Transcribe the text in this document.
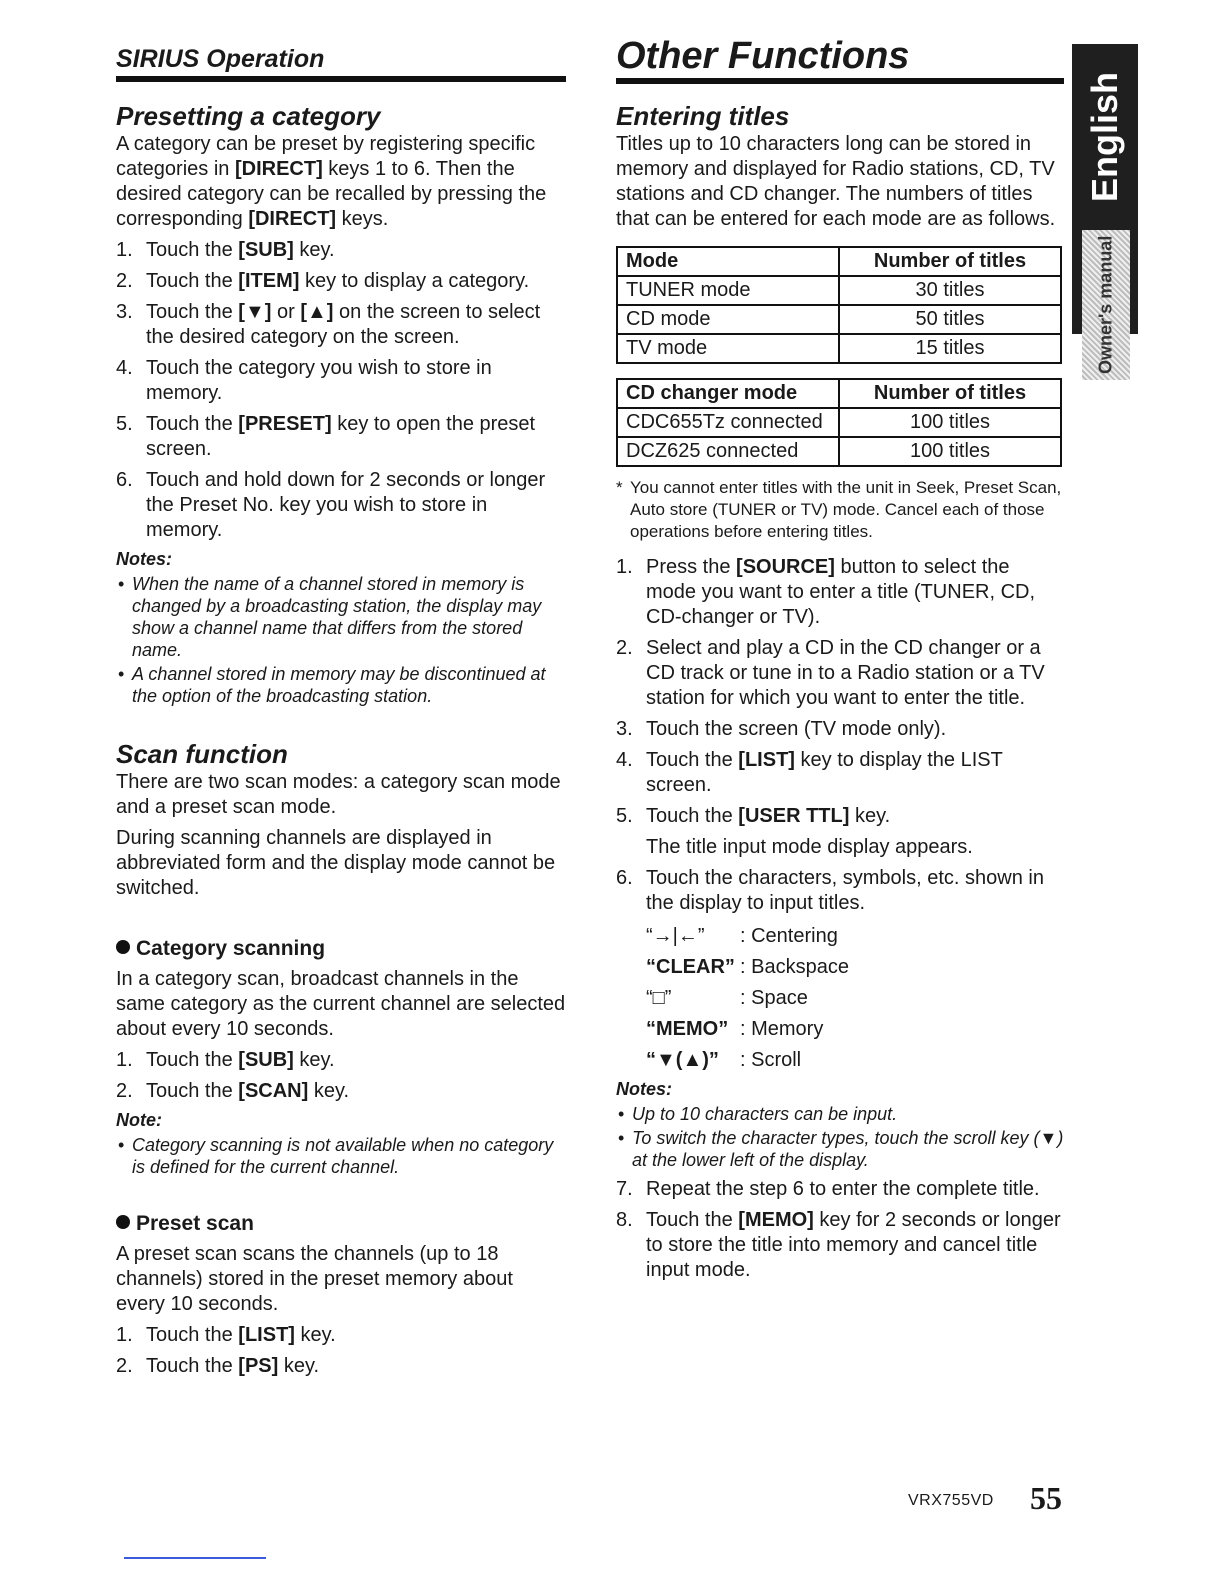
SIRIUS Operation
Presetting a category

A category can be preset by registering specific categories in [DIRECT] keys 1 to 6. Then the desired category can be recalled by pressing the corresponding [DIRECT] keys.

1. Touch the [SUB] key.
2. Touch the [ITEM] key to display a category.
3. Touch the [▼] or [▲] on the screen to select the desired category on the screen.
4. Touch the category you wish to store in memory.
5. Touch the [PRESET] key to open the preset screen.
6. Touch and hold down for 2 seconds or longer the Preset No. key you wish to store in memory.
Notes:
• When the name of a channel stored in memory is changed by a broadcasting station, the display may show a channel name that differs from the stored name.
• A channel stored in memory may be discontinued at the option of the broadcasting station.
Scan function

There are two scan modes: a category scan mode and a preset scan mode.

During scanning channels are displayed in abbreviated form and the display mode cannot be switched.

Category scanning

In a category scan, broadcast channels in the same category as the current channel are selected about every 10 seconds.

1. Touch the [SUB] key.
2. Touch the [SCAN] key.
Note:
• Category scanning is not available when no category is defined for the current channel.
Preset scan

A preset scan scans the channels (up to 18 channels) stored in the preset memory about every 10 seconds.

1. Touch the [LIST] key.
2. Touch the [PS] key.
Other Functions
Entering titles

Titles up to 10 characters long can be stored in memory and displayed for Radio stations, CD, TV stations and CD changer. The numbers of titles that can be entered for each mode are as follows.

Mode	Number of titles
TUNER mode	30 titles
CD mode	50 titles
TV mode	15 titles
CD changer mode	Number of titles
CDC655Tz connected	100 titles
DCZ625 connected	100 titles
* You cannot enter titles with the unit in Seek, Preset Scan, Auto store (TUNER or TV) mode. Cancel each of those operations before entering titles.
1. Press the [SOURCE] button to select the mode you want to enter a title (TUNER, CD, CD-changer or TV).
2. Select and play a CD in the CD changer or a CD track or tune in to a Radio station or a TV station for which you want to enter the title.
3. Touch the screen (TV mode only).
4. Touch the [LIST] key to display the LIST screen.
5. Touch the [USER TTL] key.
The title input mode display appears.
6. Touch the characters, symbols, etc. shown in the display to input titles.
“→|←”	: Centering
“CLEAR” : Backspace
“□”	: Space
“MEMO” : Memory
“▼(▲)”	: Scroll
Notes:
• Up to 10 characters can be input.
• To switch the character types, touch the scroll key (▼) at the lower left of the display.
7. Repeat the step 6 to enter the complete title.
8. Touch the [MEMO] key for 2 seconds or longer to store the title into memory and cancel title input mode.
English
Owner's manual
VRX755VD 55
